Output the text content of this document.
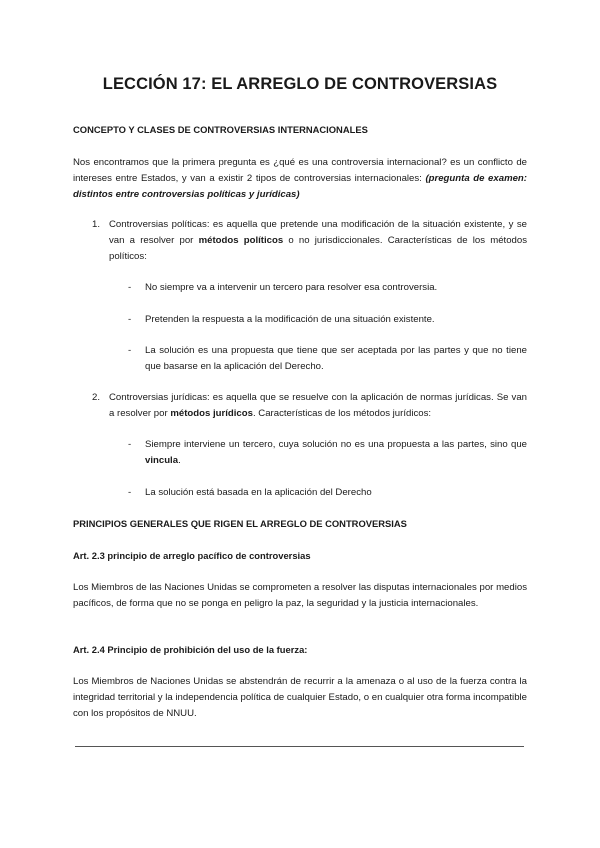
LECCIÓN 17: EL ARREGLO DE CONTROVERSIAS
CONCEPTO Y CLASES DE CONTROVERSIAS INTERNACIONALES
Nos encontramos que la primera pregunta es ¿qué es una controversia internacional? es un conflicto de intereses entre Estados, y van a existir 2 tipos de controversias internacionales: (pregunta de examen: distintos entre controversias políticas y jurídicas)
1. Controversias políticas: es aquella que pretende una modificación de la situación existente, y se van a resolver por métodos políticos o no jurisdiccionales. Características de los métodos políticos:
- No siempre va a intervenir un tercero para resolver esa controversia.
- Pretenden la respuesta a la modificación de una situación existente.
- La solución es una propuesta que tiene que ser aceptada por las partes y que no tiene que basarse en la aplicación del Derecho.
2. Controversias jurídicas: es aquella que se resuelve con la aplicación de normas jurídicas. Se van a resolver por métodos jurídicos. Características de los métodos jurídicos:
- Siempre interviene un tercero, cuya solución no es una propuesta a las partes, sino que vincula.
- La solución está basada en la aplicación del Derecho
PRINCIPIOS GENERALES QUE RIGEN EL ARREGLO DE CONTROVERSIAS
Art. 2.3 principio de arreglo pacífico de controversias
Los Miembros de las Naciones Unidas se comprometen a resolver las disputas internacionales por medios pacíficos, de forma que no se ponga en peligro la paz, la seguridad y la justicia internacionales.
Art. 2.4 Principio de prohibición del uso de la fuerza:
Los Miembros de Naciones Unidas se abstendrán de recurrir a la amenaza o al uso de la fuerza contra la integridad territorial y la independencia política de cualquier Estado, o en cualquier otra forma incompatible con los propósitos de NNUU.
